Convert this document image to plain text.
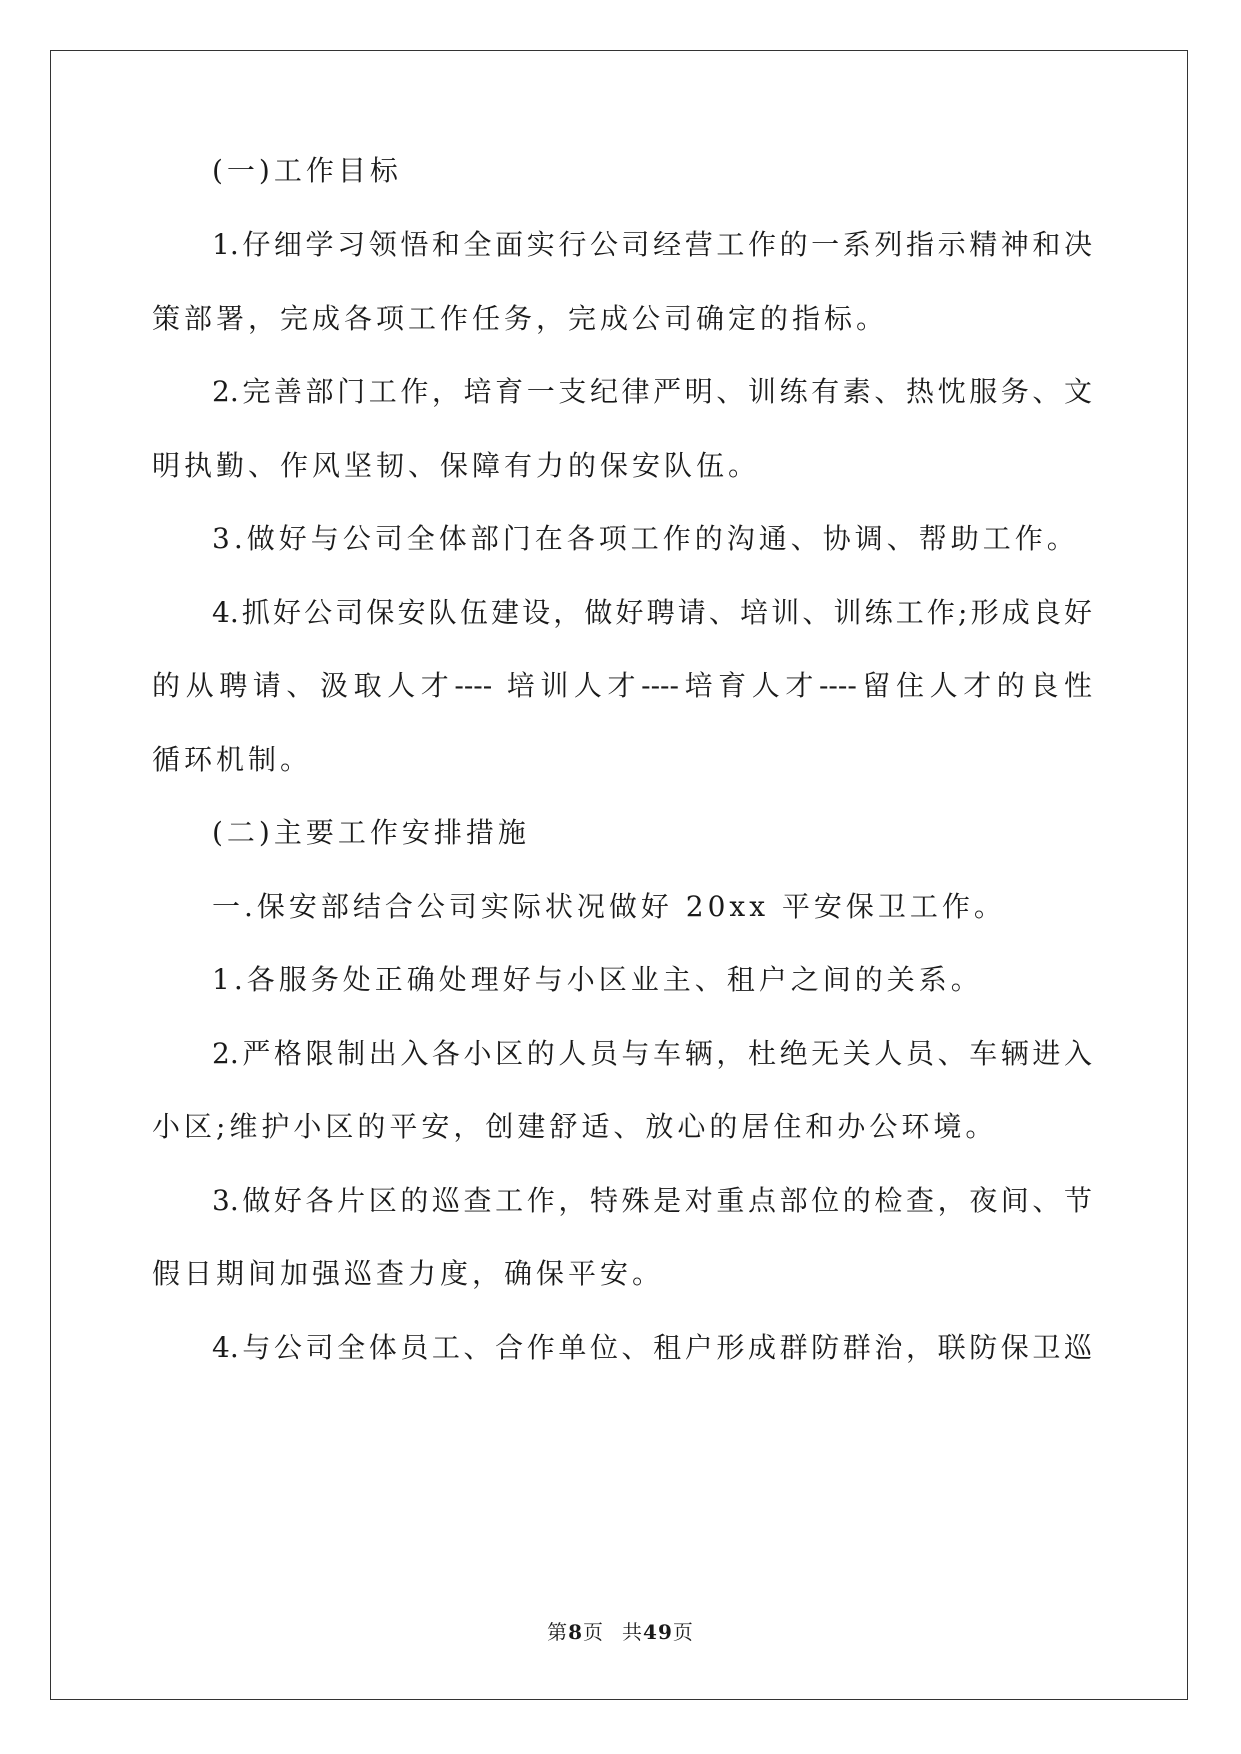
(一)工作目标
1.仔细学习领悟和全面实行公司经营工作的一系列指示精神和决
策部署，完成各项工作任务，完成公司确定的指标。
2.完善部门工作，培育一支纪律严明、训练有素、热忱服务、文
明执勤、作风坚韧、保障有力的保安队伍。
3.做好与公司全体部门在各项工作的沟通、协调、帮助工作。
4.抓好公司保安队伍建设，做好聘请、培训、训练工作;形成良好
的从聘请、汲取人才---- 培训人才----培育人才----留住人才的良性
循环机制。
(二)主要工作安排措施
一.保安部结合公司实际状况做好 20xx 平安保卫工作。
1.各服务处正确处理好与小区业主、租户之间的关系。
2.严格限制出入各小区的人员与车辆，杜绝无关人员、车辆进入
小区;维护小区的平安，创建舒适、放心的居住和办公环境。
3.做好各片区的巡查工作，特殊是对重点部位的检查，夜间、节
假日期间加强巡查力度，确保平安。
4.与公司全体员工、合作单位、租户形成群防群治，联防保卫巡
第8页 共49页
